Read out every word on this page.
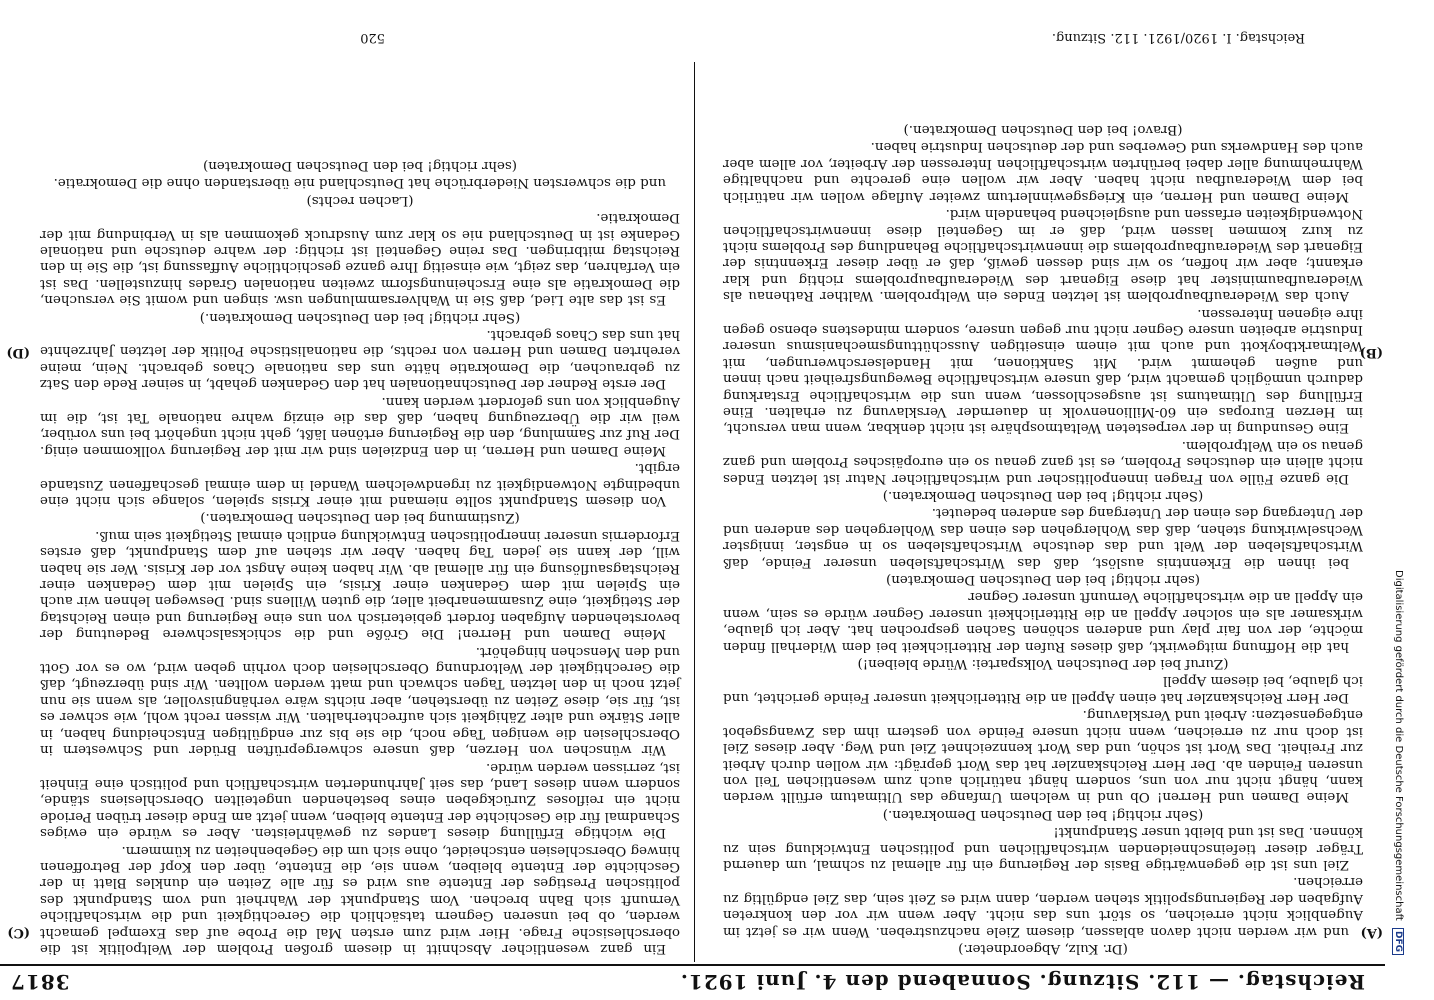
Reichstag. — 112. Sitzung. Sonnabend den 4. Juni 1921.
3817
(A)
(B)
(C)
(D)

(Dr. Kulz, Abgeordneter.)

und wir werden nicht davon ablassen, diesem Ziele nachzustreben. Wenn wir es jetzt im Augenblick nicht erreichen, so stört uns das nicht. Aber wenn wir vor den konkreten Aufgaben der Regierungspolitik stehen werden, dann wird es Zeit sein, das Ziel endgültig zu erreichen.

Ziel uns ist die gegenwärtige Basis der Regierung ein für allemal zu schmal, um dauernd Träger dieser tiefeinschneidenden wirtschaftlichen und politischen Entwicklung sein zu können. Das ist und bleibt unser Standpunkt!

(Sehr richtig! bei den Deutschen Demokraten.)

Meine Damen und Herren! Ob und in welchem Umfange das Ultimatum erfüllt werden kann, hängt nicht nur von uns, sondern hängt natürlich auch zum wesentlichen Teil von unseren Feinden ab. Der Herr Reichskanzler hat das Wort geprägt: wir wollen durch Arbeit zur Freiheit. Das Wort ist schön, und das Wort kennzeichnet Ziel und Weg. Aber dieses Ziel ist doch nur zu erreichen, wenn nicht unsere Feinde von gestern ihm das Zwangsgebot entgegensetzen: Arbeit und Versklavung.

Der Herr Reichskanzler hat einen Appell an die Ritterlichkeit unserer Feinde gerichtet, und ich glaube, bei diesem Appell

(Zuruf bei der Deutschen Volkspartei: Würde bleiben!)

hat die Hoffnung mitgewirkt, daß dieses Rufen der Ritterlichkeit bei dem Widerhall finden möchte, der von fair play und anderen schönen Sachen gesprochen hat. Aber ich glaube, wirksamer als ein solcher Appell an die Ritterlichkeit unserer Gegner würde es sein, wenn ein Appell an die wirtschaftliche Vernunft unserer Gegner

(sehr richtig! bei den Deutschen Demokraten)

bei ihnen die Erkenntnis auslöst, daß das Wirtschaftsleben unserer Feinde, daß Wirtschaftsleben der Welt und das deutsche Wirtschaftsleben so in engster, innigster Wechselwirkung stehen, daß das Wohlergehen des einen das Wohlergehen des anderen und der Untergang des einen der Untergang des anderen bedeutet.

(Sehr richtig! bei den Deutschen Demokraten.)

Die ganze Fülle von Fragen innenpolitischer und wirtschaftlicher Natur ist letzten Endes nicht allein ein deutsches Problem, es ist ganz genau so ein europäisches Problem und ganz genau so ein Weltproblem.

Eine Gesundung in der verpesteten Weltatmosphäre ist nicht denkbar, wenn man versucht, im Herzen Europas ein 60-Millionenvolk in dauernder Versklavung zu erhalten. Eine Erfüllung des Ultimatums ist ausgeschlossen, wenn uns die wirtschaftliche Erstarkung dadurch unmöglich gemacht wird, daß unsere wirtschaftliche Bewegungsfreiheit nach innen und außen gehemmt wird. Mit Sanktionen, mit Handelserschwerungen, mit Weltmarktboykott und auch mit einem einseitigen Ausschüttungsmechanismus unserer Industrie arbeiten unsere Gegner nicht nur gegen unsere, sondern mindestens ebenso gegen ihre eigenen Interessen.

Auch das Wiederaufbauproblem ist letzten Endes ein Weltproblem. Walther Rathenau als Wiederaufbauminister hat diese Eigenart des Wiederaufbauproblems richtig und klar erkannt; aber wir hoffen, so wir sind dessen gewiß, daß er über dieser Erkenntnis der Eigenart des Wiederaufbauproblems die innenwirtschaftliche Behandlung des Problems nicht zu kurz kommen lassen wird, daß er im Gegenteil diese innenwirtschaftlichen Notwendigkeiten erfassen und ausgleichend behandeln wird.

Meine Damen und Herren, ein Kriegsgewinnlertum zweiter Auflage wollen wir natürlich bei dem Wiederaufbau nicht haben. Aber wir wollen eine gerechte und nachhaltige Wahrnehmung aller dabei berührten wirtschaftlichen Interessen der Arbeiter, vor allem aber auch des Handwerks und Gewerbes und der deutschen Industrie haben.

(Bravo! bei den Deutschen Demokraten.)

Ein ganz wesentlicher Abschnitt in diesem großen Problem der Weltpolitik ist die oberschlesische Frage. Hier wird zum ersten Mal die Probe auf das Exempel gemacht werden, ob bei unseren Gegnern tatsächlich die Gerechtigkeit und die wirtschaftliche Vernunft sich Bahn brechen. Vom Standpunkt der Wahrheit und vom Standpunkt des politischen Prestiges der Entente aus wird es für alle Zeiten ein dunkles Blatt in der Geschichte der Entente bleiben, wenn sie, die Entente, über den Kopf der Betroffenen hinweg Oberschlesien entscheidet, ohne sich um die Gegebenheiten zu kümmern.

Die wichtige Erfüllung dieses Landes zu gewährleisten. Aber es würde ein ewiges Schandmal für die Geschichte der Entente bleiben, wenn jetzt am Ende dieser trüben Periode nicht ein reifloses Zurückgeben eines bestehenden ungeteilten Oberschlesiens stände, sondern wenn dieses Land, das seit Jahrhunderten wirtschaftlich und politisch eine Einheit ist, zerrissen werden würde.

Wir wünschen von Herzen, daß unsere schwergeprüften Brüder und Schwestern in Oberschlesien die wenigen Tage noch, die sie bis zur endgültigen Entscheidung haben, in aller Stärke und alter Zähigkeit sich aufrechterhalten. Wir wissen recht wohl, wie schwer es ist, für sie, diese Zeiten zu überstehen, aber nichts wäre verhängnisvoller, als wenn sie nun jetzt noch in den letzten Tagen schwach und matt werden wollten. Wir sind überzeugt, daß die Gerechtigkeit der Weltordnung Oberschlesien doch vorhin geben wird, wo es vor Gott und den Menschen hingehört.

Meine Damen und Herren! Die Größe und die schicksalschwere Bedeutung der bevorstehenden Aufgaben fordert gebieterisch von uns eine Regierung und einen Reichstag der Stetigkeit, eine Zusammenarbeit aller, die guten Willens sind. Deswegen lehnen wir auch ein Spielen mit dem Gedanken einer Krisis, ein Spielen mit dem Gedanken einer Reichstagsauflösung ein für allemal ab. Wir haben keine Angst vor der Krisis. Wer sie haben will, der kann sie jeden Tag haben. Aber wir stehen auf dem Standpunkt, daß erstes Erfordernis unserer innerpolitischen Entwicklung endlich einmal Stetigkeit sein muß.

(Zustimmung bei den Deutschen Demokraten.)

Von diesem Standpunkt sollte niemand mit einer Krisis spielen, solange sich nicht eine unbedingte Notwendigkeit zu irgendwelchem Wandel in dem einmal geschaffenen Zustande ergibt.

Meine Damen und Herren, in den Endzielen sind wir mit der Regierung vollkommen einig. Der Ruf zur Sammlung, den die Regierung ertönen läßt, geht nicht ungehört bei uns vorüber, weil wir die Überzeugung haben, daß das die einzig wahre nationale Tat ist, die im Augenblick von uns gefordert werden kann.

Der erste Redner der Deutschnationalen hat den Gedanken gehabt, in seiner Rede den Satz zu gebrauchen, die Demokratie hätte uns das nationale Chaos gebracht. Nein, meine verehrten Damen und Herren von rechts, die nationalistische Politik der letzten Jahrzehnte hat uns das Chaos gebracht.

(Sehr richtig! bei den Deutschen Demokraten.)

Es ist das alte Lied, daß Sie in Wahlversammlungen usw. singen und womit Sie versuchen, die Demokratie als eine Erscheinungsform zweiten nationalen Grades hinzustellen. Das ist ein Verfahren, das zeigt, wie einseitig Ihre ganze geschichtliche Auffassung ist, die Sie in den Reichstag mitbringen. Das reine Gegenteil ist richtig: der wahre deutsche und nationale Gedanke ist in Deutschland nie so klar zum Ausdruck gekommen als in Verbindung mit der Demokratie.

(Lachen rechts)

und die schwersten Niederbrüche hat Deutschland nie überstanden ohne die Demokratie.

(sehr richtig! bei den Deutschen Demokraten)

Reichstag. I. 1920/1921. 112. Sitzung.
520
Digitalisierung gefördert durch die Deutsche Forschungsgemeinschaft DFG
